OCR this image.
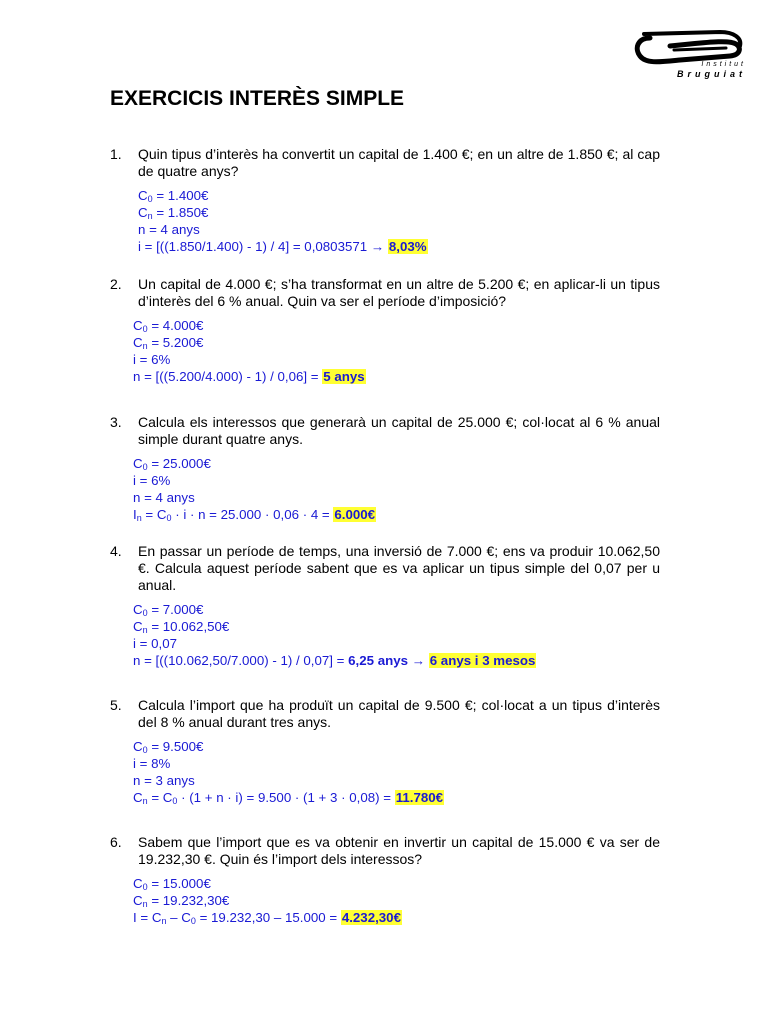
Institut
Bruguiat
EXERCICIS INTERÈS SIMPLE
1. Quin tipus d’interès ha convertit un capital de 1.400 €; en un altre de 1.850 €; al cap de quatre anys?
$C_0$ = 1.400€
$C_n$ = 1.850€
n = 4 anys
i = [((1.850/1.400) - 1) / 4] = 0,0803571 → 8,03%
2. Un capital de 4.000 €; s’ha transformat en un altre de 5.200 €; en aplicar-li un tipus d’interès del 6 % anual. Quin va ser el període d’imposició?
$C_0$ = 4.000€
$C_n$ = 5.200€
i = 6%
n = [((5.200/4.000) - 1) / 0,06] = 5 anys
3. Calcula els interessos que generarà un capital de 25.000 €; col·locat al 6 % anual simple durant quatre anys.
$C_0$ = 25.000€
i = 6%
n = 4 anys
$I_n = C_0 \cdot i \cdot n = 25.000 \cdot 0,06 \cdot 4$ = 6.000€
4. En passar un període de temps, una inversió de 7.000 €; ens va produir 10.062,50 €. Calcula aquest període sabent que es va aplicar un tipus simple del 0,07 per u anual.
$C_0$ = 7.000€
$C_n$ = 10.062,50€
i = 0,07
n = [((10.062,50/7.000) - 1) / 0,07] = 6,25 anys → 6 anys i 3 mesos
5. Calcula l’import que ha produït un capital de 9.500 €; col·locat a un tipus d’interès del 8 % anual durant tres anys.
$C_0$ = 9.500€
i = 8%
n = 3 anys
$C_n = C_0 \cdot (1 + n \cdot i) = 9.500 \cdot (1 + 3 \cdot 0,08)$ = 11.780€
6. Sabem que l’import que es va obtenir en invertir un capital de 15.000 € va ser de 19.232,30 €. Quin és l’import dels interessos?
$C_0$ = 15.000€
$C_n$ = 19.232,30€
$I = C_n - C_0 = 19.232,30 - 15.000$ = 4.232,30€
